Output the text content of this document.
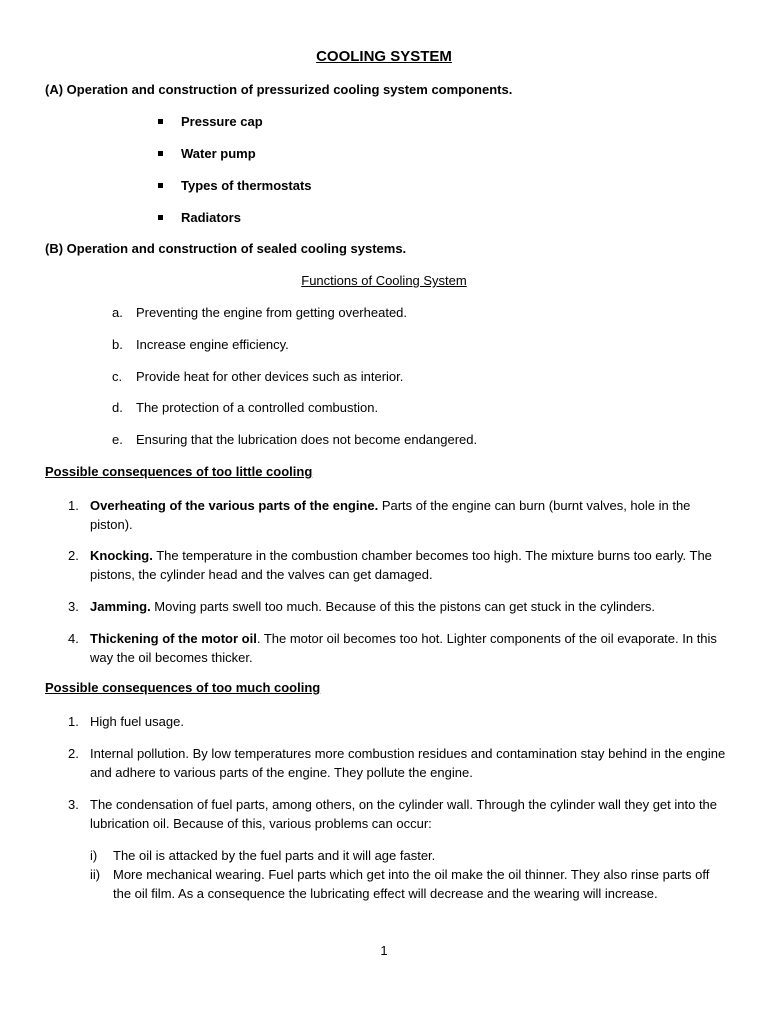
COOLING SYSTEM
(A) Operation and construction of pressurized cooling system components.
Pressure cap
Water pump
Types of thermostats
Radiators
(B) Operation and construction of sealed cooling systems.
Functions of Cooling System
a. Preventing the engine from getting overheated.
b. Increase engine efficiency.
c. Provide heat for other devices such as interior.
d. The protection of a controlled combustion.
e. Ensuring that the lubrication does not become endangered.
Possible consequences of too little cooling
1. Overheating of the various parts of the engine. Parts of the engine can burn (burnt valves, hole in the piston).
2. Knocking. The temperature in the combustion chamber becomes too high. The mixture burns too early. The pistons, the cylinder head and the valves can get damaged.
3. Jamming. Moving parts swell too much. Because of this the pistons can get stuck in the cylinders.
4. Thickening of the motor oil. The motor oil becomes too hot. Lighter components of the oil evaporate. In this way the oil becomes thicker.
Possible consequences of too much cooling
1. High fuel usage.
2. Internal pollution. By low temperatures more combustion residues and contamination stay behind in the engine and adhere to various parts of the engine. They pollute the engine.
3. The condensation of fuel parts, among others, on the cylinder wall. Through the cylinder wall they get into the lubrication oil. Because of this, various problems can occur:
i)	The oil is attacked by the fuel parts and it will age faster.
ii) More mechanical wearing. Fuel parts which get into the oil make the oil thinner. They also rinse parts off the oil film. As a consequence the lubricating effect will decrease and the wearing will increase.
1
